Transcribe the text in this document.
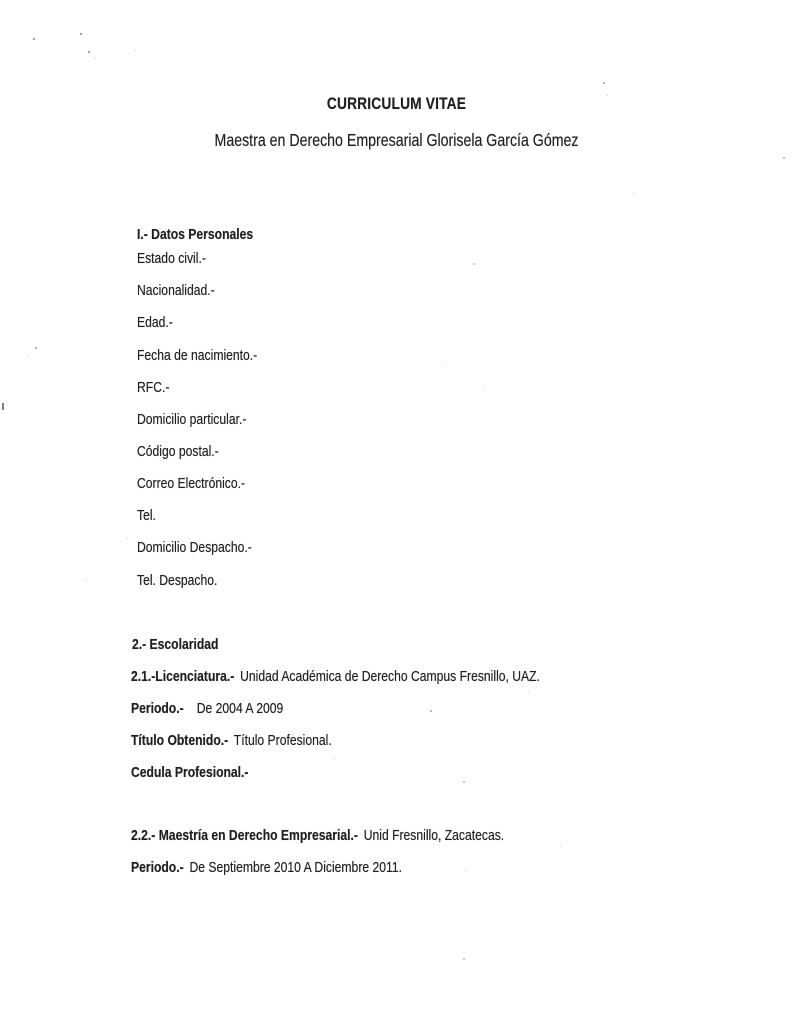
CURRICULUM VITAE
Maestra en Derecho Empresarial Glorisela García Gómez
I.- Datos Personales
Estado civil.-
Nacionalidad.-
Edad.-
Fecha de nacimiento.-
RFC.-
Domicilio particular.-
Código postal.-
Correo Electrónico.-
Tel.
Domicilio Despacho.-
Tel. Despacho.
2.- Escolaridad
2.1.-Licenciatura.- Unidad Académica de Derecho Campus Fresnillo, UAZ.
Periodo.- De 2004 A 2009
Título Obtenido.- Título Profesional.
Cedula Profesional.-
2.2.- Maestría en Derecho Empresarial.- Unid Fresnillo, Zacatecas.
Periodo.- De Septiembre 2010 A Diciembre 2011.
